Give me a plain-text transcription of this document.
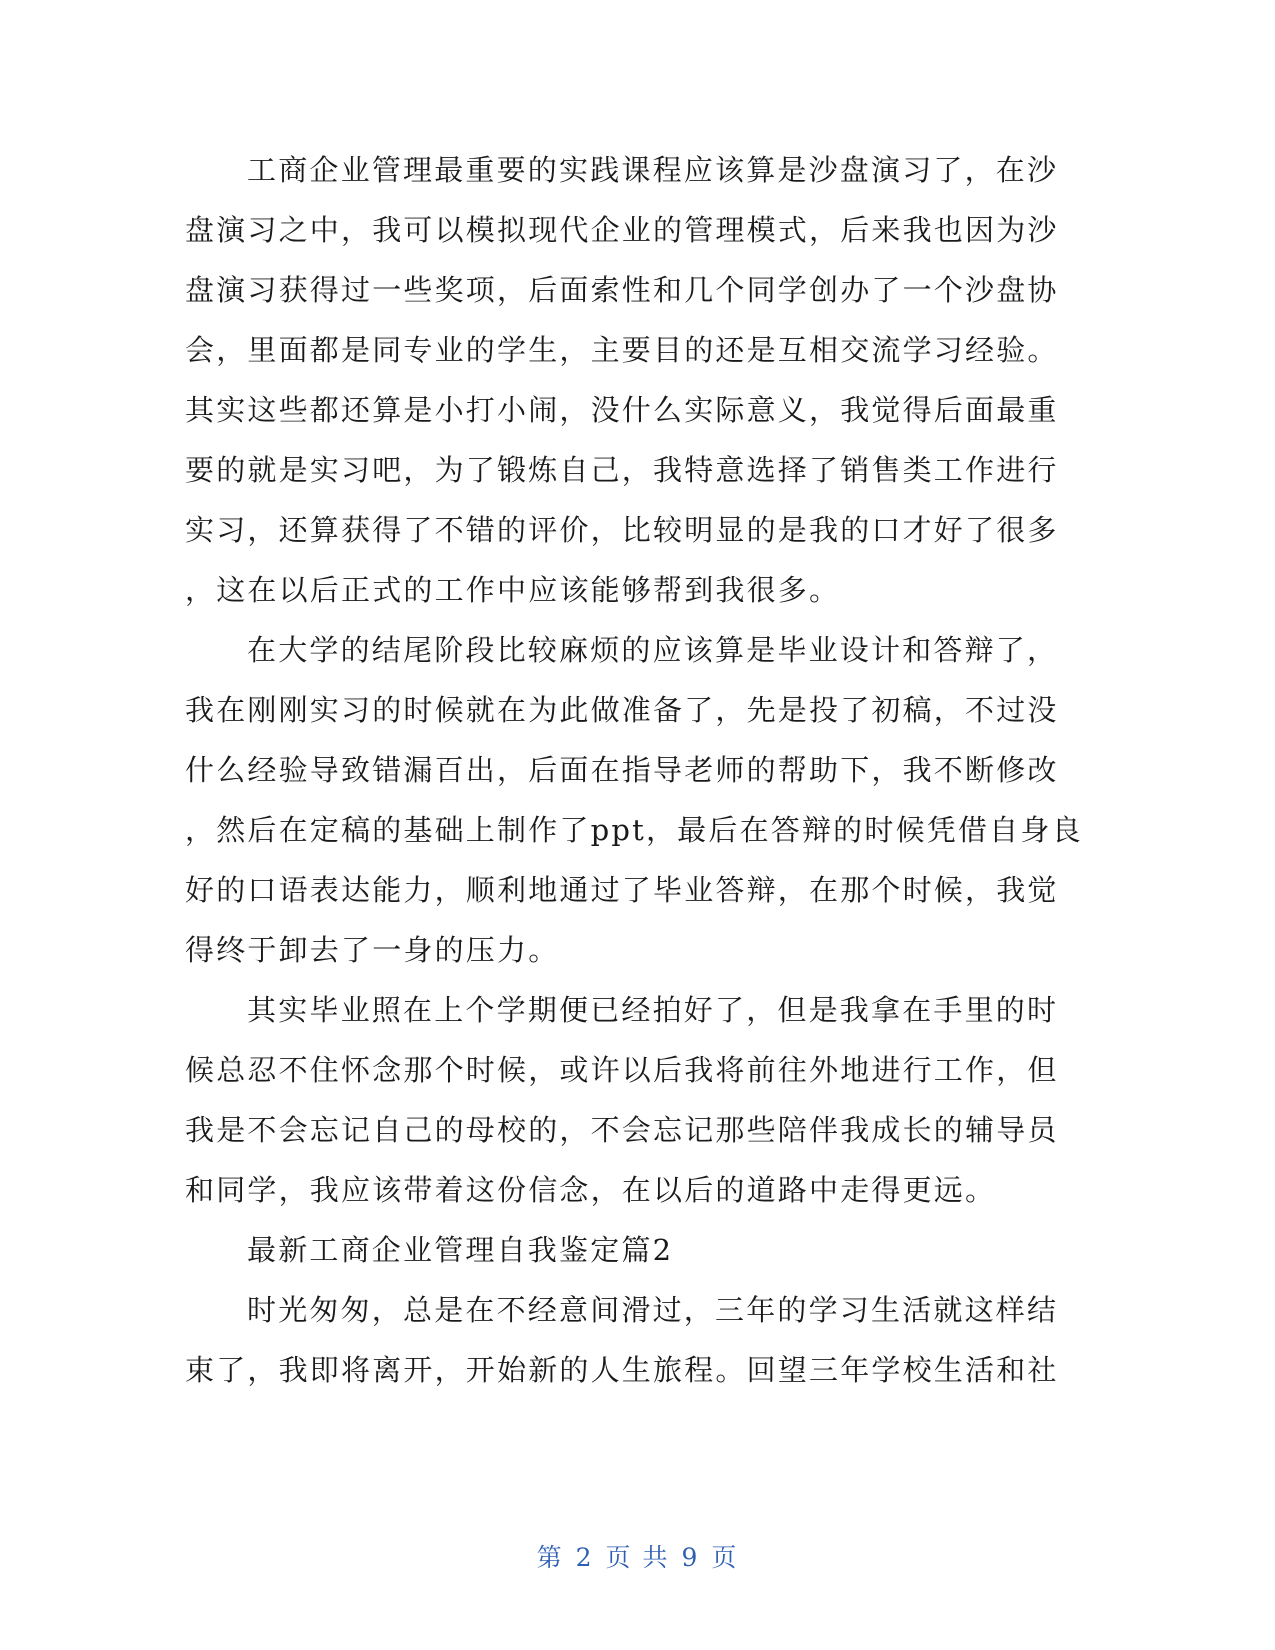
工商企业管理最重要的实践课程应该算是沙盘演习了，在沙
盘演习之中，我可以模拟现代企业的管理模式，后来我也因为沙
盘演习获得过一些奖项，后面索性和几个同学创办了一个沙盘协
会，里面都是同专业的学生，主要目的还是互相交流学习经验。
其实这些都还算是小打小闹，没什么实际意义，我觉得后面最重
要的就是实习吧，为了锻炼自己，我特意选择了销售类工作进行
实习，还算获得了不错的评价，比较明显的是我的口才好了很多
，这在以后正式的工作中应该能够帮到我很多。

在大学的结尾阶段比较麻烦的应该算是毕业设计和答辩了，
我在刚刚实习的时候就在为此做准备了，先是投了初稿，不过没
什么经验导致错漏百出，后面在指导老师的帮助下，我不断修改
，然后在定稿的基础上制作了ppt，最后在答辩的时候凭借自身良
好的口语表达能力，顺利地通过了毕业答辩，在那个时候，我觉
得终于卸去了一身的压力。

其实毕业照在上个学期便已经拍好了，但是我拿在手里的时
候总忍不住怀念那个时候，或许以后我将前往外地进行工作，但
我是不会忘记自己的母校的，不会忘记那些陪伴我成长的辅导员
和同学，我应该带着这份信念，在以后的道路中走得更远。

最新工商企业管理自我鉴定篇2

时光匆匆，总是在不经意间滑过，三年的学习生活就这样结
束了，我即将离开，开始新的人生旅程。回望三年学校生活和社

第 2 页 共 9 页
